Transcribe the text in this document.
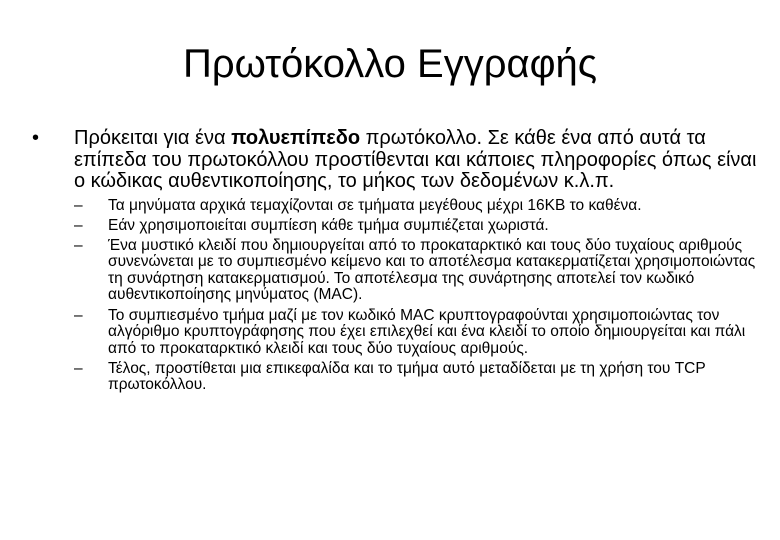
Πρωτόκολλο Εγγραφής
• Πρόκειται για ένα πολυεπίπεδο πρωτόκολλο. Σε κάθε ένα από αυτά τα επίπεδα του πρωτοκόλλου προστίθενται και κάποιες πληροφορίες όπως είναι ο κώδικας αυθεντικοποίησης, το μήκος των δεδομένων κ.λ.π.
– Τα μηνύματα αρχικά τεμαχίζονται σε τμήματα μεγέθους μέχρι 16KB το καθένα.
– Εάν χρησιμοποιείται συμπίεση κάθε τμήμα συμπιέζεται χωριστά.
– Ένα μυστικό κλειδί που δημιουργείται από το προκαταρκτικό και τους δύο τυχαίους αριθμούς συνενώνεται με το συμπιεσμένο κείμενο και το αποτέλεσμα κατακερματίζεται χρησιμοποιώντας τη συνάρτηση κατακερματισμού. Το αποτέλεσμα της συνάρτησης αποτελεί τον κωδικό αυθεντικοποίησης μηνύματος (MAC).
– Το συμπιεσμένο τμήμα μαζί με τον κωδικό MAC κρυπτογραφούνται χρησιμοποιώντας τον αλγόριθμο κρυπτογράφησης που έχει επιλεχθεί και ένα κλειδί το οποίο δημιουργείται και πάλι από το προκαταρκτικό κλειδί και τους δύο τυχαίους αριθμούς.
– Τέλος, προστίθεται μια επικεφαλίδα και το τμήμα αυτό μεταδίδεται με τη χρήση του TCP πρωτοκόλλου.
